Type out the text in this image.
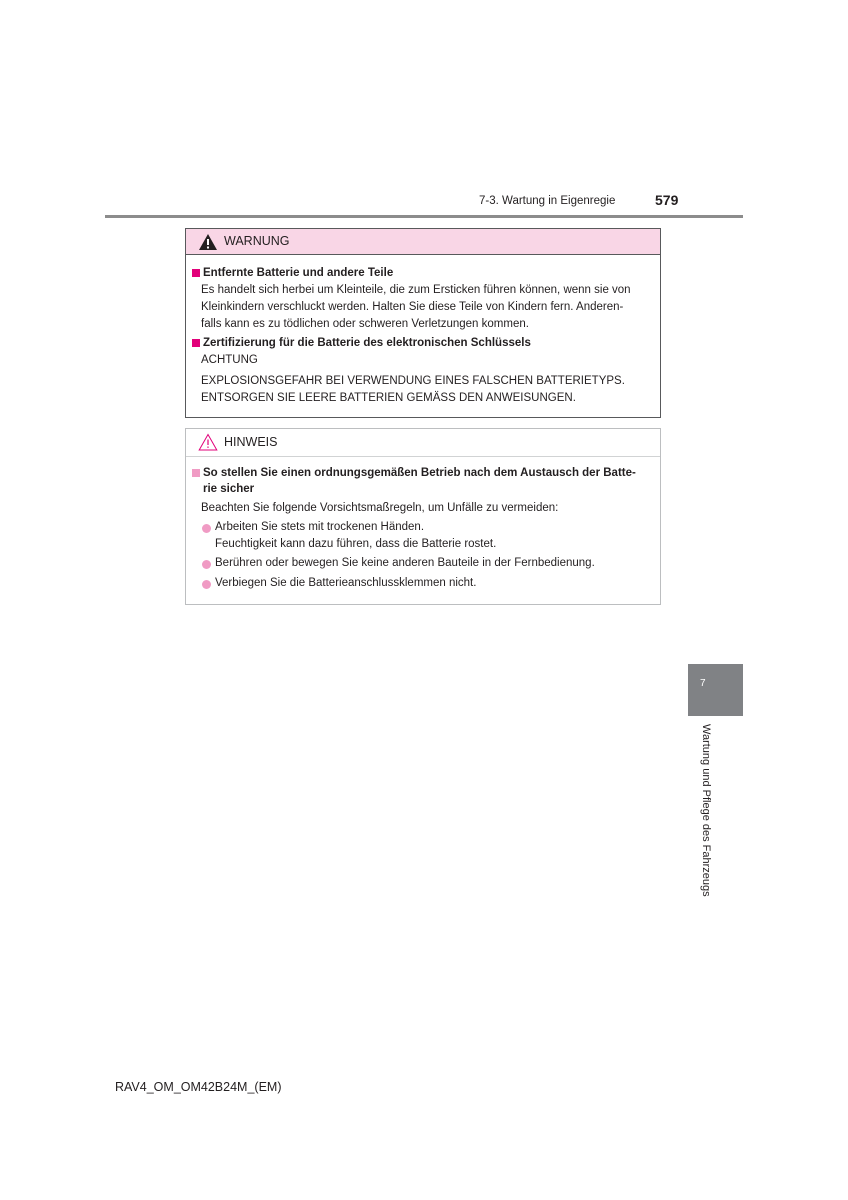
7-3. Wartung in Eigenregie	579
WARNUNG
Entfernte Batterie und andere Teile
Es handelt sich herbei um Kleinteile, die zum Ersticken führen können, wenn sie von
Kleinkindern verschluckt werden. Halten Sie diese Teile von Kindern fern. Anderen-
falls kann es zu tödlichen oder schweren Verletzungen kommen.
Zertifizierung für die Batterie des elektronischen Schlüssels
ACHTUNG
EXPLOSIONSGEFAHR BEI VERWENDUNG EINES FALSCHEN BATTERIETYPS.
ENTSORGEN SIE LEERE BATTERIEN GEMÄSS DEN ANWEISUNGEN.
HINWEIS
So stellen Sie einen ordnungsgemäßen Betrieb nach dem Austausch der Batte-
rie sicher
Beachten Sie folgende Vorsichtsmaßregeln, um Unfälle zu vermeiden:
Arbeiten Sie stets mit trockenen Händen.
Feuchtigkeit kann dazu führen, dass die Batterie rostet.
Berühren oder bewegen Sie keine anderen Bauteile in der Fernbedienung.
Verbiegen Sie die Batterieanschlussklemmen nicht.
7
Wartung und Pflege des Fahrzeugs
RAV4_OM_OM42B24M_(EM)
